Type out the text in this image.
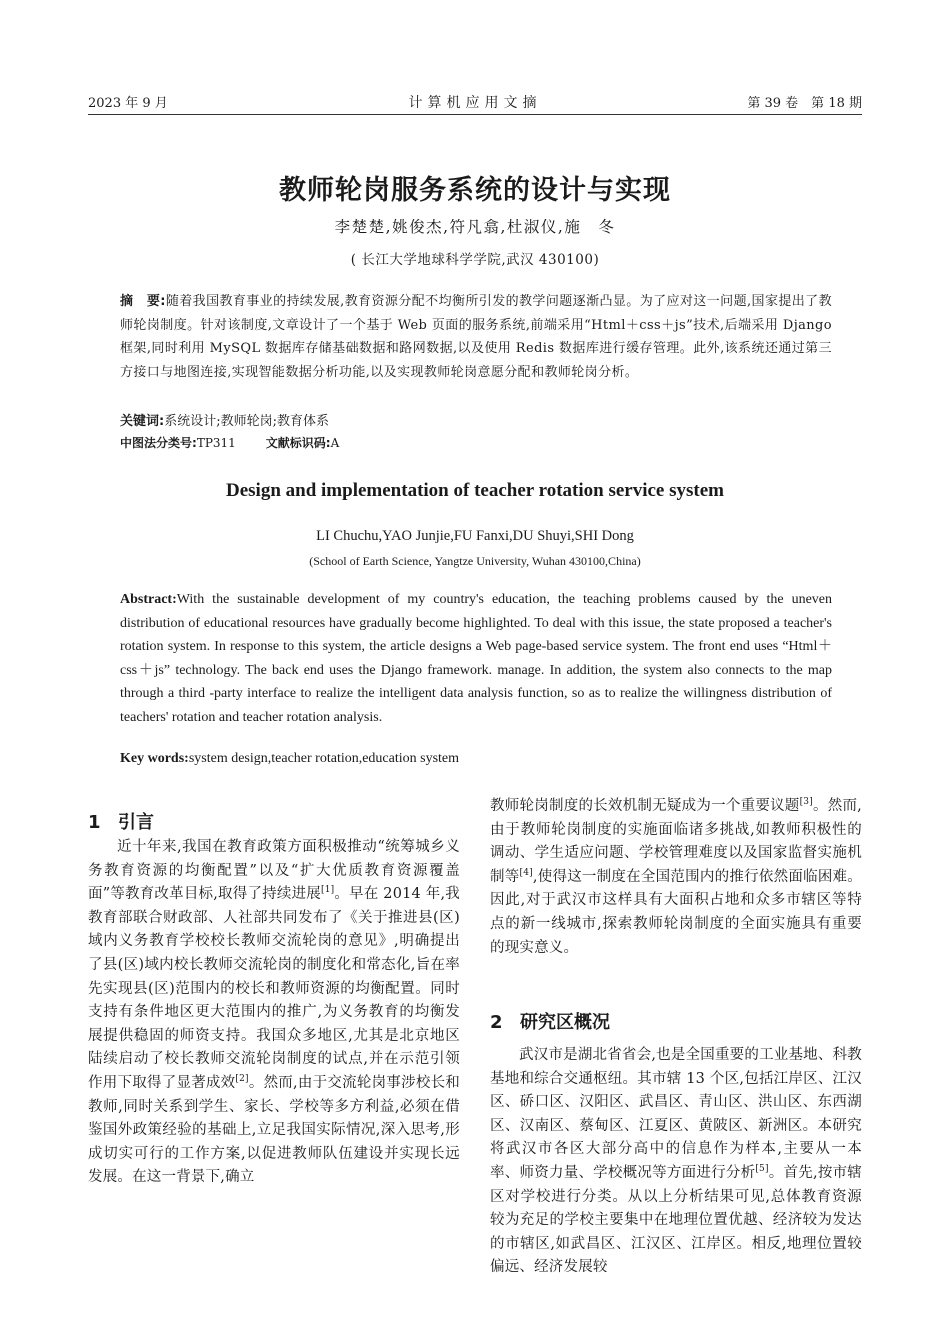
2023 年 9 月	计算机应用文摘	第 39 卷　第 18 期
教师轮岗服务系统的设计与实现
李楚楚,姚俊杰,符凡翕,杜淑仪,施　冬
( 长江大学地球科学学院,武汉 430100)
摘　要:随着我国教育事业的持续发展,教育资源分配不均衡所引发的教学问题逐渐凸显。为了应对这一问题,国家提出了教师轮岗制度。针对该制度,文章设计了一个基于 Web 页面的服务系统,前端采用“Html＋css＋js”技术,后端采用 Django 框架,同时利用 MySQL 数据库存储基础数据和路网数据,以及使用 Redis 数据库进行缓存管理。此外,该系统还通过第三方接口与地图连接,实现智能数据分析功能,以及实现教师轮岗意愿分配和教师轮岗分析。
关键词:系统设计;教师轮岗;教育体系
中图法分类号:TP311	文献标识码:A
Design and implementation of teacher rotation service system
LI Chuchu,YAO Junjie,FU Fanxi,DU Shuyi,SHI Dong
(School of Earth Science, Yangtze University, Wuhan 430100,China)
Abstract:With the sustainable development of my country's education, the teaching problems caused by the uneven distribution of educational resources have gradually become highlighted. To deal with this issue, the state proposed a teacher's rotation system. In response to this system, the article designs a Web page-based service system. The front end uses “Html＋css＋js” technology. The back end uses the Django framework. manage. In addition, the system also connects to the map through a third -party interface to realize the intelligent data analysis function, so as to realize the willingness distribution of teachers' rotation and teacher rotation analysis.
Key words:system design,teacher rotation,education system
1 引言

近十年来,我国在教育政策方面积极推动“统筹城乡义务教育资源的均衡配置”以及“扩大优质教育资源覆盖面”等教育改革目标,取得了持续进展[1]。早在 2014 年,我教育部联合财政部、人社部共同发布了《关于推进县(区)域内义务教育学校校长教师交流轮岗的意见》,明确提出了县(区)域内校长教师交流轮岗的制度化和常态化,旨在率先实现县(区)范围内的校长和教师资源的均衡配置。同时支持有条件地区更大范围内的推广,为义务教育的均衡发展提供稳固的师资支持。我国众多地区,尤其是北京地区陆续启动了校长教师交流轮岗制度的试点,并在示范引领作用下取得了显著成效[2]。然而,由于交流轮岗事涉校长和教师,同时关系到学生、家长、学校等多方利益,必须在借鉴国外政策经验的基础上,立足我国实际情况,深入思考,形成切实可行的工作方案,以促进教师队伍建设并实现长远发展。在这一背景下,确立

教师轮岗制度的长效机制无疑成为一个重要议题[3]。然而,由于教师轮岗制度的实施面临诸多挑战,如教师积极性的调动、学生适应问题、学校管理难度以及国家监督实施机制等[4],使得这一制度在全国范围内的推行依然面临困难。因此,对于武汉市这样具有大面积占地和众多市辖区等特点的新一线城市,探索教师轮岗制度的全面实施具有重要的现实意义。

2 研究区概况

武汉市是湖北省省会,也是全国重要的工业基地、科教基地和综合交通枢纽。其市辖 13 个区,包括江岸区、江汉区、硚口区、汉阳区、武昌区、青山区、洪山区、东西湖区、汉南区、蔡甸区、江夏区、黄陂区、新洲区。本研究将武汉市各区大部分高中的信息作为样本,主要从一本率、师资力量、学校概况等方面进行分析[5]。首先,按市辖区对学校进行分类。从以上分析结果可见,总体教育资源较为充足的学校主要集中在地理位置优越、经济较为发达的市辖区,如武昌区、江汉区、江岸区。相反,地理位置较偏远、经济发展较
